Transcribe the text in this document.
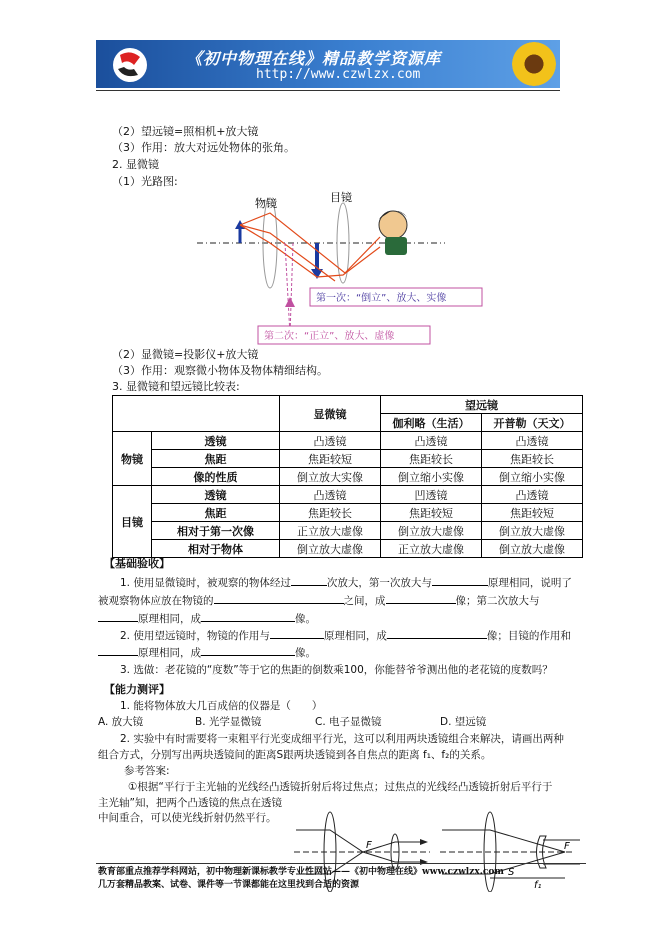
《初中物理在线》精品教学资源库
http://www.czwlzx.com
（2）望远镜=照相机+放大镜
（3）作用：放大对远处物体的张角。
2. 显微镜
（1）光路图:
物镜	目镜
第一次：“倒立”、放大、实像
第二次：“正立”、放大、虚像
（2）显微镜=投影仪+放大镜
（3）作用：观察微小物体及物体精细结构。
3. 显微镜和望远镜比较表:
		显微镜	望远镜	
			伽利略（生活）	开普勒（天文）
物镜	透镜	凸透镜	凸透镜	凸透镜
	焦距	焦距较短	焦距较长	焦距较长
	像的性质	倒立放大实像	倒立缩小实像	倒立缩小实像
目镜	透镜	凸透镜	凹透镜	凸透镜
	焦距	焦距较长	焦距较短	焦距较短
	相对于第一次像	正立放大虚像	倒立放大虚像	倒立放大虚像
	相对于物体	倒立放大虚像	正立放大虚像	倒立放大虚像
【基础验收】
1. 使用显微镜时，被观察的物体经过	次放大，第一次放大与	原理相同，说明了
被观察物体应放在物镜的	之间，成	像；第二次放大与
原理相同，成	像。
2. 使用望远镜时，物镜的作用与	原理相同，成	像；目镜的作用和
原理相同，成	像。
3. 选做：老花镜的“度数”等于它的焦距的倒数乘100，你能替爷爷测出他的老花镜的度数吗？
【能力测评】
1. 能将物体放大几百成倍的仪器是（　　）
A. 放大镜	B. 光学显微镜	C. 电子显微镜	D. 望远镜
2. 实验中有时需要将一束粗平行光变成细平行光，这可以利用两块透镜组合来解决，请画出两种
组合方式，分别写出两块透镜间的距离S跟两块透镜到各自焦点的距离 f₁、f₂的关系。
参考答案:
①根据“平行于主光轴的光线经凸透镜折射后将过焦点；过焦点的光线经凸透镜折射后平行于
主光轴”知，把两个凸透镜的焦点在透镜
中间重合，可以使光线折射仍然平行。
F	F
S
f₁
教育部重点推荐学科网站，初中物理新课标教学专业性网站——《初中物理在线》www.czwlzx.com
几万套精品教案、试卷、课件等一节课都能在这里找到合适的资源
